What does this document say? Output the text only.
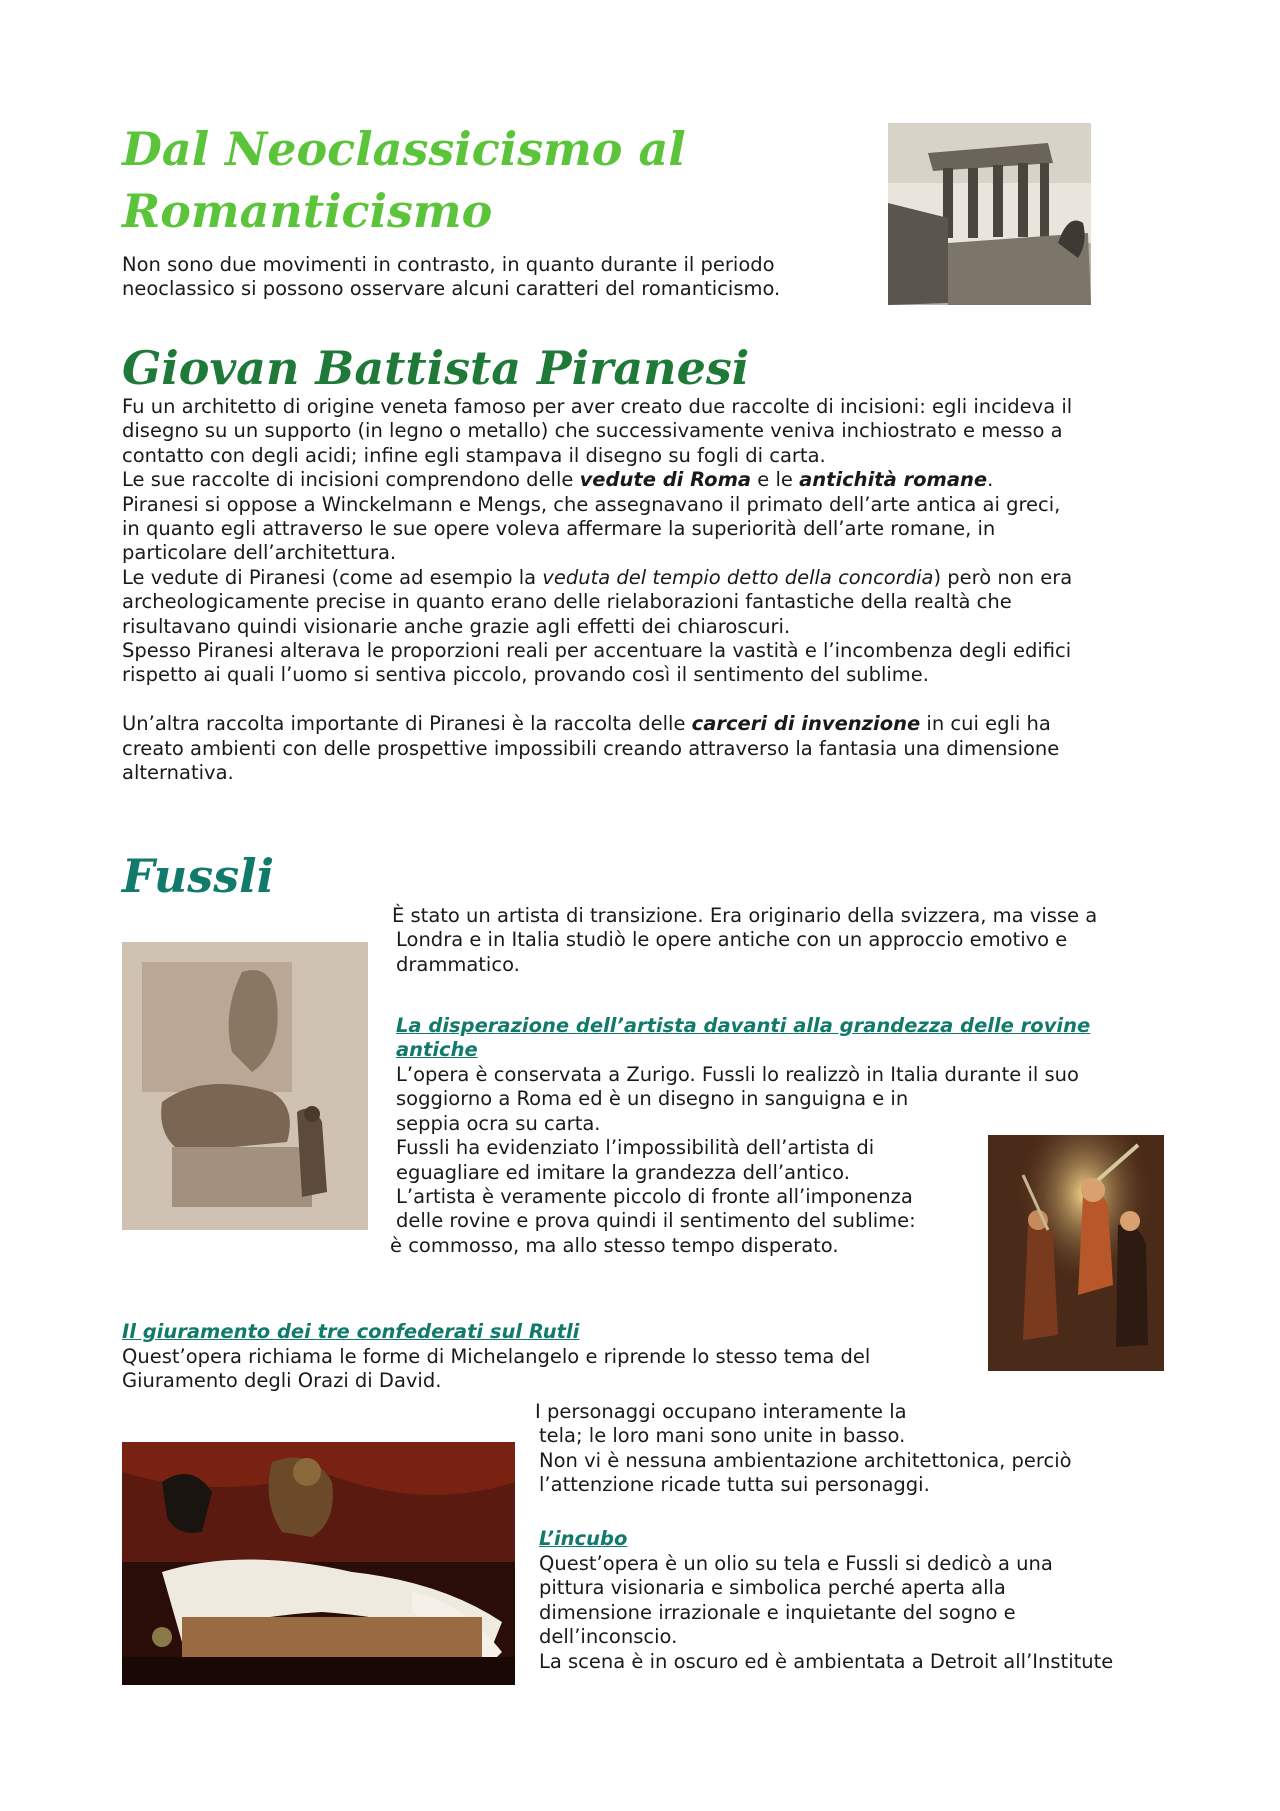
Dal Neoclassicismo al
Romanticismo

Non sono due movimenti in contrasto, in quanto durante il periodo

neoclassico si possono osservare alcuni caratteri del romanticismo.

Giovan Battista Piranesi

Fu un architetto di origine veneta famoso per aver creato due raccolte di incisioni: egli incideva il

disegno su un supporto (in legno o metallo) che successivamente veniva inchiostrato e messo a

contatto con degli acidi; infine egli stampava il disegno su fogli di carta.

Le sue raccolte di incisioni comprendono delle vedute di Roma e le antichità romane.

Piranesi si oppose a Winckelmann e Mengs, che assegnavano il primato dell’arte antica ai greci,

in quanto egli attraverso le sue opere voleva affermare la superiorità dell’arte romane, in

particolare dell’architettura.

Le vedute di Piranesi (come ad esempio la veduta del tempio detto della concordia) però non era

archeologicamente precise in quanto erano delle rielaborazioni fantastiche della realtà che

risultavano quindi visionarie anche grazie agli effetti dei chiaroscuri.

Spesso Piranesi alterava le proporzioni reali per accentuare la vastità e l’incombenza degli edifici

rispetto ai quali l’uomo si sentiva piccolo, provando così il sentimento del sublime.

Un’altra raccolta importante di Piranesi è la raccolta delle carceri di invenzione in cui egli ha

creato ambienti con delle prospettive impossibili creando attraverso la fantasia una dimensione

alternativa.

Fussli

È stato un artista di transizione. Era originario della svizzera, ma visse a

Londra e in Italia studiò le opere antiche con un approccio emotivo e

drammatico.

La disperazione dell’artista davanti alla grandezza delle rovine

antiche

L’opera è conservata a Zurigo. Fussli lo realizzò in Italia durante il suo

soggiorno a Roma ed è un disegno in sanguigna e in

seppia ocra su carta.

Fussli ha evidenziato l’impossibilità dell’artista di

eguagliare ed imitare la grandezza dell’antico.

L’artista è veramente piccolo di fronte all’imponenza

delle rovine e prova quindi il sentimento del sublime:

è commosso, ma allo stesso tempo disperato.

Il giuramento dei tre confederati sul Rutli

Quest’opera richiama le forme di Michelangelo e riprende lo stesso tema del

Giuramento degli Orazi di David.

I personaggi occupano interamente la

tela; le loro mani sono unite in basso.

Non vi è nessuna ambientazione architettonica, perciò

l’attenzione ricade tutta sui personaggi.

L’incubo

Quest’opera è un olio su tela e Fussli si dedicò a una

pittura visionaria e simbolica perché aperta alla

dimensione irrazionale e inquietante del sogno e

dell’inconscio.

La scena è in oscuro ed è ambientata a Detroit all’Institute
